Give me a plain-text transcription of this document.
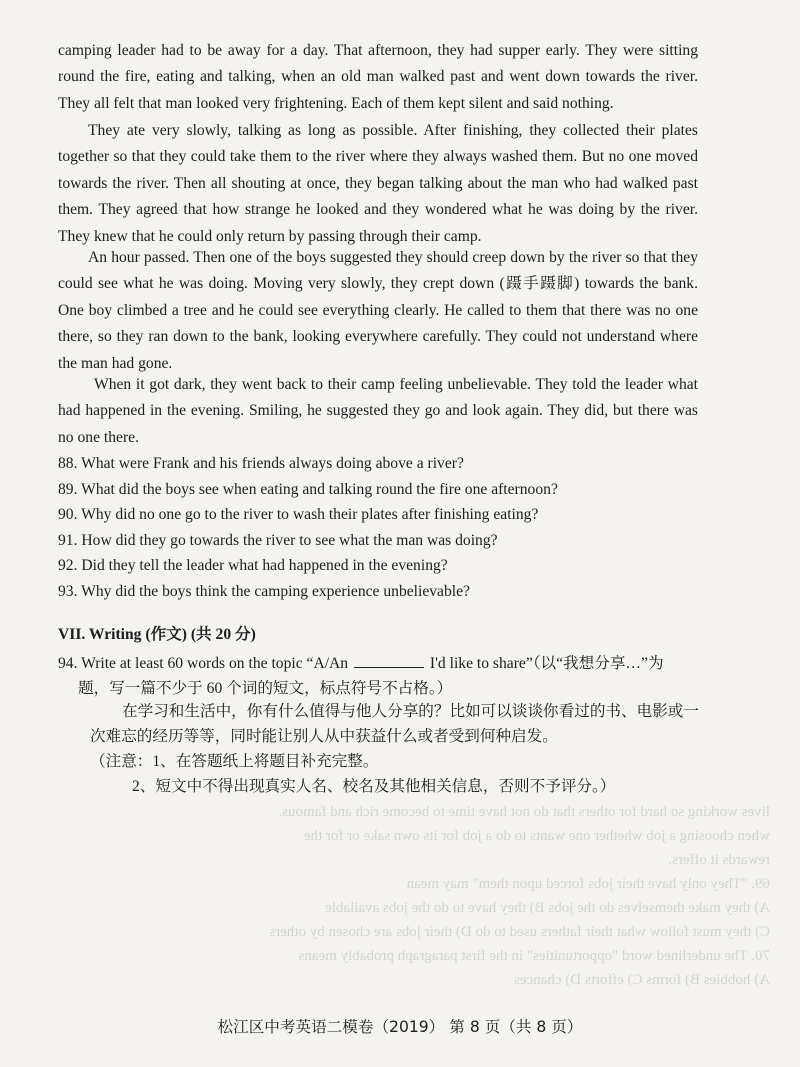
camping leader had to be away for a day. That afternoon, they had supper early. They were sitting round the fire, eating and talking, when an old man walked past and went down towards the river. They all felt that man looked very frightening. Each of them kept silent and said nothing.
They ate very slowly, talking as long as possible. After finishing, they collected their plates together so that they could take them to the river where they always washed them. But no one moved towards the river. Then all shouting at once, they began talking about the man who had walked past them. They agreed that how strange he looked and they wondered what he was doing by the river. They knew that he could only return by passing through their camp.
An hour passed. Then one of the boys suggested they should creep down by the river so that they could see what he was doing. Moving very slowly, they crept down (蹑手蹑脚) towards the bank. One boy climbed a tree and he could see everything clearly. He called to them that there was no one there, so they ran down to the bank, looking everywhere carefully. They could not understand where the man had gone.
When it got dark, they went back to their camp feeling unbelievable. They told the leader what had happened in the evening. Smiling, he suggested they go and look again. They did, but there was no one there.
88. What were Frank and his friends always doing above a river?
89. What did the boys see when eating and talking round the fire one afternoon?
90. Why did no one go to the river to wash their plates after finishing eating?
91. How did they go towards the river to see what the man was doing?
92. Did they tell the leader what had happened in the evening?
93. Why did the boys think the camping experience unbelievable?
VII. Writing (作文) (共 20 分)
94. Write at least 60 words on the topic “A/An	I'd like to share”（以“我想分享…”为
题，写一篇不少于 60 个词的短文，标点符号不占格。）
在学习和生活中，你有什么值得与他人分享的？比如可以谈谈你看过的书、电影或一次难忘的经历等等，同时能让别人从中获益什么或者受到何种启发。
（注意：1、在答题纸上将题目补充完整。
2、短文中不得出现真实人名、校名及其他相关信息，否则不予评分。）
lives working so hard for others that do not have time to become rich and famous.
when choosing a job whether one wants to do a job for its own sake or for the
rewards it offers.
69. "They only have their jobs forced upon them" may mean
A) they make themselves do the jobs B) they have to do the jobs available
C) they must follow what their fathers used to do D) their jobs are chosen by others
70. The underlined word "opportunities" in the first paragraph probably means
A) hobbies B) forms C) efforts D) chances
松江区中考英语二模卷（2019） 第 8 页（共 8 页）
